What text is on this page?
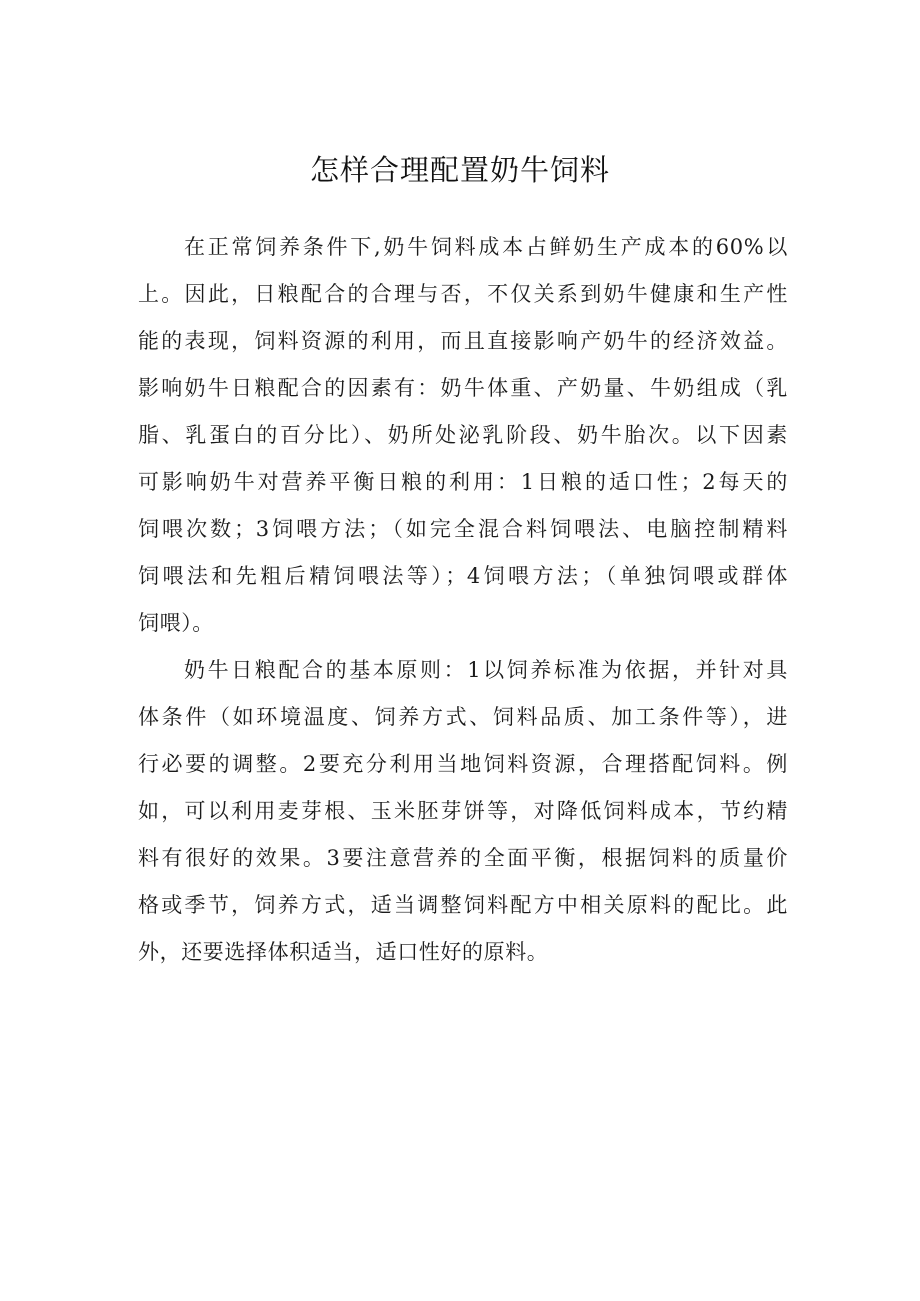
怎样合理配置奶牛饲料

在正常饲养条件下,奶牛饲料成本占鲜奶生产成本的60%以
上。因此，日粮配合的合理与否，不仅关系到奶牛健康和生产性
能的表现，饲料资源的利用，而且直接影响产奶牛的经济效益。
影响奶牛日粮配合的因素有：奶牛体重、产奶量、牛奶组成（乳
脂、乳蛋白的百分比）、奶所处泌乳阶段、奶牛胎次。以下因素
可影响奶牛对营养平衡日粮的利用：1日粮的适口性；2每天的
饲喂次数；3饲喂方法；（如完全混合料饲喂法、电脑控制精料
饲喂法和先粗后精饲喂法等）；4饲喂方法；（单独饲喂或群体
饲喂）。

奶牛日粮配合的基本原则：1以饲养标准为依据，并针对具
体条件（如环境温度、饲养方式、饲料品质、加工条件等），进
行必要的调整。2要充分利用当地饲料资源，合理搭配饲料。例
如，可以利用麦芽根、玉米胚芽饼等，对降低饲料成本，节约精
料有很好的效果。3要注意营养的全面平衡，根据饲料的质量价
格或季节，饲养方式，适当调整饲料配方中相关原料的配比。此
外，还要选择体积适当，适口性好的原料。
